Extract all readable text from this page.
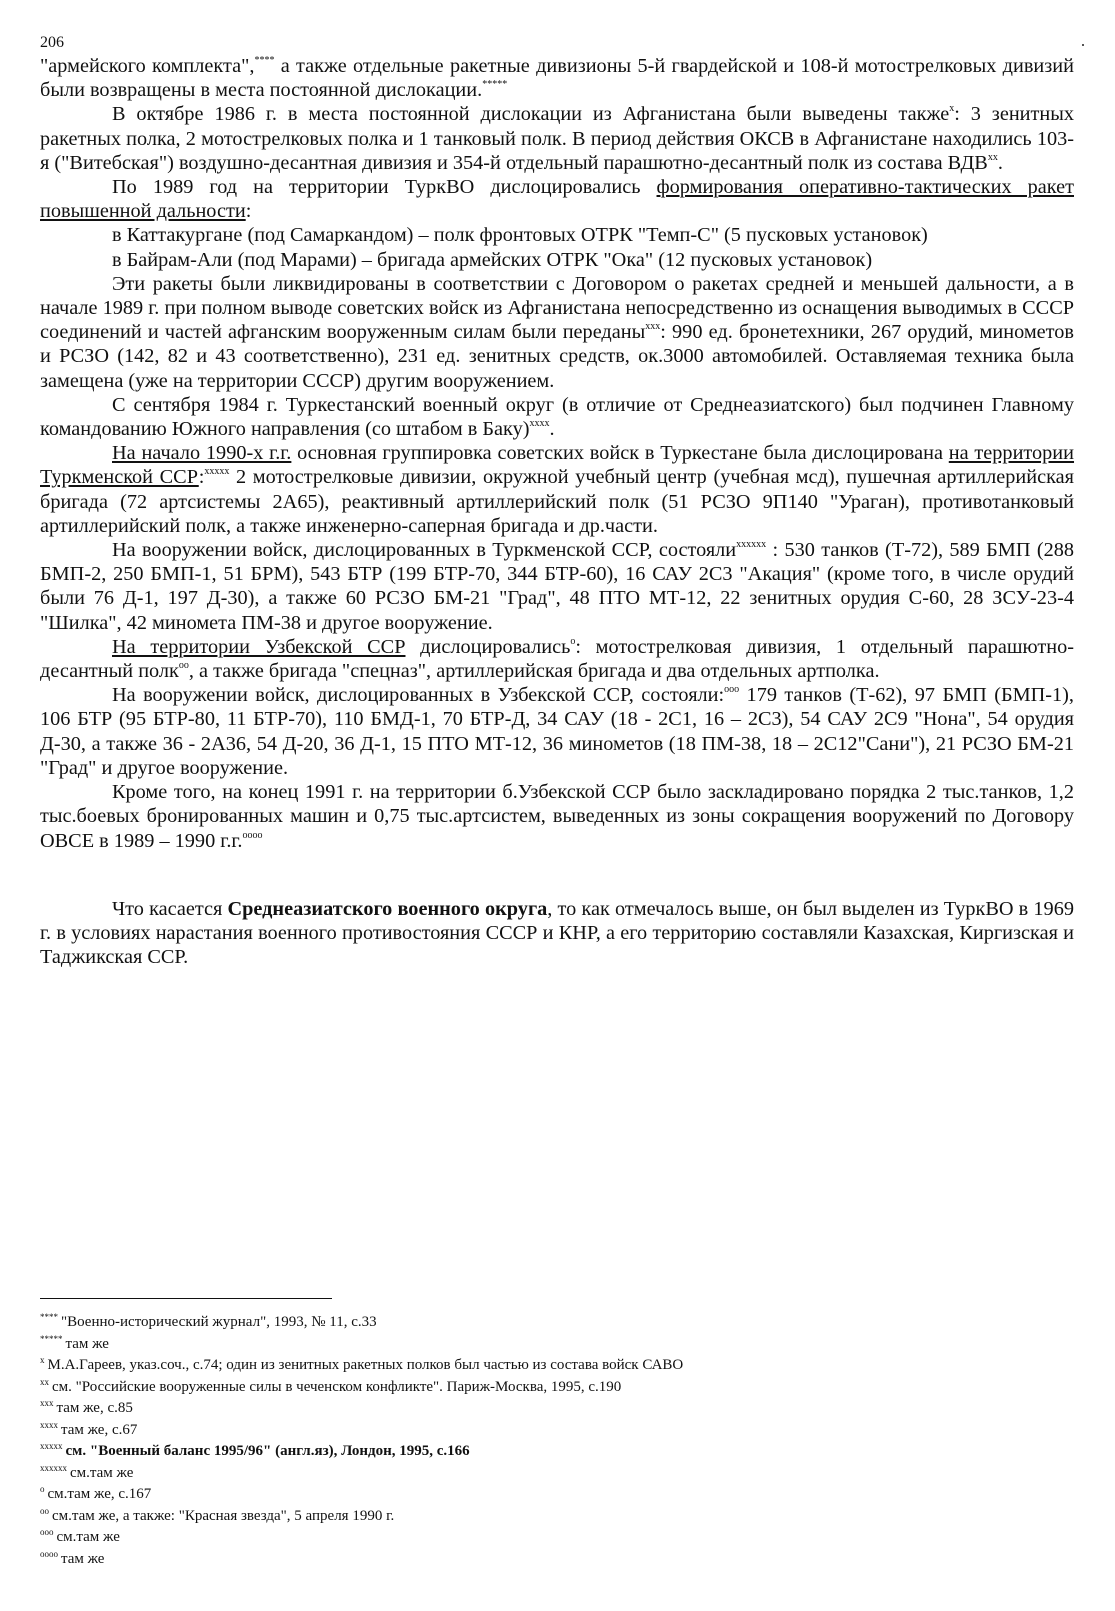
206

"армейского комплекта",**** а также отдельные ракетные дивизионы 5-й гвардейской и 108-й мотострелковых дивизий были возвращены в места постоянной дислокации.*****

В октябре 1986 г. в места постоянной дислокации из Афганистана были выведены также$^x$: 3 зенитных ракетных полка, 2 мотострелковых полка и 1 танковый полк. В период действия ОКСВ в Афганистане находились 103-я ("Витебская") воздушно-десантная дивизия и 354-й отдельный парашютно-десантный полк из состава ВДВ$^{xx}$.

По 1989 год на территории ТуркВО дислоцировались формирования оперативно-тактических ракет повышенной дальности:

в Каттакургане (под Самаркандом) – полк фронтовых ОТРК "Темп-С" (5 пусковых установок)

в Байрам-Али (под Марами) – бригада армейских ОТРК "Ока" (12 пусковых установок)

Эти ракеты были ликвидированы в соответствии с Договором о ракетах средней и меньшей дальности, а в начале 1989 г. при полном выводе советских войск из Афганистана непосредственно из оснащения выводимых в СССР соединений и частей афганским вооруженным силам были переданы$^{xxx}$: 990 ед. бронетехники, 267 орудий, минометов и РСЗО (142, 82 и 43 соответственно), 231 ед. зенитных средств, ок.3000 автомобилей. Оставляемая техника была замещена (уже на территории СССР) другим вооружением.

С сентября 1984 г. Туркестанский военный округ (в отличие от Среднеазиатского) был подчинен Главному командованию Южного направления (со штабом в Баку)$^{xxxx}$.

На начало 1990-х г.г. основная группировка советских войск в Туркестане была дислоцирована на территории Туркменской ССР:$^{xxxxx}$ 2 мотострелковые дивизии, окружной учебный центр (учебная мсд), пушечная артиллерийская бригада (72 артсистемы 2А65), реактивный артиллерийский полк (51 РСЗО 9П140 "Ураган), противотанковый артиллерийский полк, а также инженерно-саперная бригада и др.части.

На вооружении войск, дислоцированных в Туркменской ССР, состояли$^{xxxxxx}$ : 530 танков (Т-72), 589 БМП (288 БМП-2, 250 БМП-1, 51 БРМ), 543 БТР (199 БТР-70, 344 БТР-60), 16 САУ 2С3 "Акация" (кроме того, в числе орудий были 76 Д-1, 197 Д-30), а также 60 РСЗО БМ-21 "Град", 48 ПТО МТ-12, 22 зенитных орудия С-60, 28 ЗСУ-23-4 "Шилка", 42 миномета ПМ-38 и другое вооружение.

На территории Узбекской ССР дислоцировались$^o$: мотострелковая дивизия, 1 отдельный парашютно-десантный полк$^{oo}$, а также бригада "спецназ", артиллерийская бригада и два отдельных артполка.

На вооружении войск, дислоцированных в Узбекской ССР, состояли:$^{ooo}$ 179 танков (Т-62), 97 БМП (БМП-1), 106 БТР (95 БТР-80, 11 БТР-70), 110 БМД-1, 70 БТР-Д, 34 САУ (18 - 2С1, 16 – 2С3), 54 САУ 2С9 "Нона", 54 орудия Д-30, а также 36 - 2А36, 54 Д-20, 36 Д-1, 15 ПТО МТ-12, 36 минометов (18 ПМ-38, 18 – 2С12"Сани"), 21 РСЗО БМ-21 "Град" и другое вооружение.

Кроме того, на конец 1991 г. на территории б.Узбекской ССР было заскладировано порядка 2 тыс.танков, 1,2 тыс.боевых бронированных машин и 0,75 тыс.артсистем, выведенных из зоны сокращения вооружений по Договору ОВСЕ в 1989 – 1990 г.г.$^{oooo}$

Что касается Среднеазиатского военного округа, то как отмечалось выше, он был выделен из ТуркВО в 1969 г. в условиях нарастания военного противостояния СССР и КНР, а его территорию составляли Казахская, Киргизская и Таджикская ССР.

**** "Военно-исторический журнал", 1993, № 11, с.33

***** там же

$^x$ М.А.Гареев, указ.соч., с.74; один из зенитных ракетных полков был частью из состава войск САВО

$^{xx}$ см. "Российские вооруженные силы в чеченском конфликте". Париж-Москва, 1995, с.190

$^{xxx}$ там же, с.85

$^{xxxx}$ там же, с.67

$^{xxxxx}$ см. "Военный баланс 1995/96" (англ.яз), Лондон, 1995, с.166

$^{xxxxxx}$ см.там же

$^o$ см.там же, с.167

$^{oo}$ см.там же, а также: "Красная звезда", 5 апреля 1990 г.

$^{ooo}$ см.там же

$^{oooo}$ там же
